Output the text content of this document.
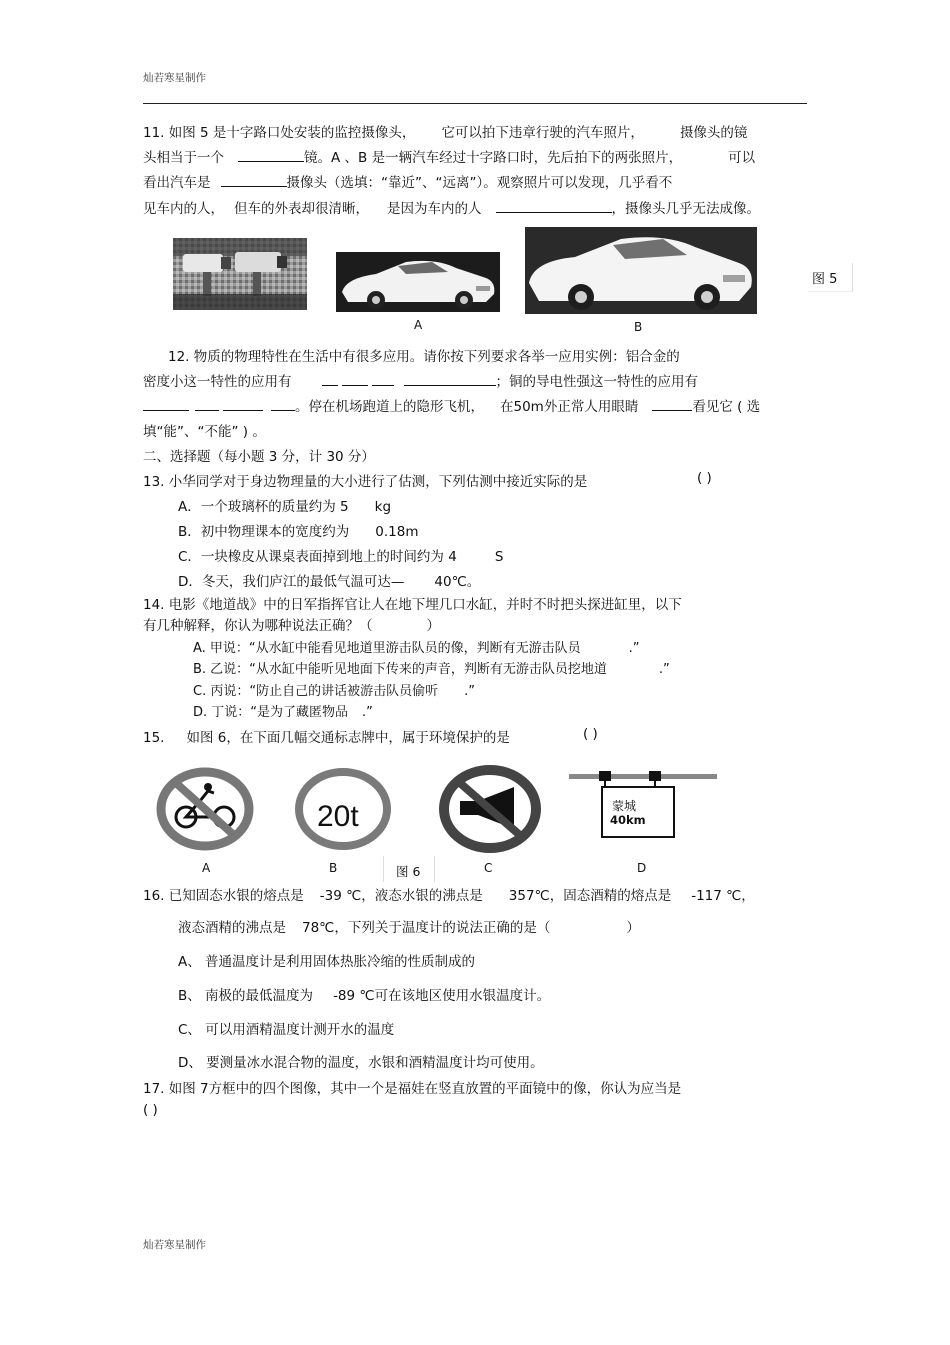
灿若寒星制作
11. 如图 5 是十字路口处安装的监控摄像头， 它可以拍下违章行驶的汽车照片，	摄像头的镜
头相当于一个	镜。A 、B 是一辆汽车经过十字路口时，先后拍下的两张照片，	可以
看出汽车是	摄像头（选填：“靠近”、“远离”）。观察照片可以发现，几乎看不
见车内的人， 但车的外表却很清晰， 是因为车内的人	，摄像头几乎无法成像。
A	B
图 5
12. 物质的物理特性在生活中有很多应用。请你按下列要求各举一应用实例：铝合金的
密度小这一特性的应用有	；铜的导电性强这一特性的应用有
。停在机场跑道上的隐形飞机， 在50m外正常人用眼睛	看见它 ( 选
填“能”、“不能” ) 。
二、选择题（每小题 3 分，计 30 分）
13. 小华同学对于身边物理量的大小进行了估测，下列估测中接近实际的是	( )
A．一个玻璃杯的质量约为 5 kg
B．初中物理课本的宽度约为 0.18m
C．一块橡皮从课桌表面掉到地上的时间约为 4	S
D．冬天，我们庐江的最低气温可达— 40℃。
14. 电影《地道战》中的日军指挥官让人在地下埋几口水缸，并时不时把头探进缸里，以下
有几种解释，你认为哪种说法正确？（	）
A. 甲说：“从水缸中能看见地道里游击队员的像，判断有无游击队员	.”
B. 乙说：“从水缸中能听见地面下传来的声音，判断有无游击队员挖地道	.”
C. 丙说：“防止自己的讲话被游击队员偷听 .”
D. 丁说：“是为了藏匿物品 .”
15. 如图 6，在下面几幅交通标志牌中，属于环境保护的是	( )
A
20t
B	图 6	C
蒙城
40km
D
16. 已知固态水银的熔点是 -39 ℃，液态水银的沸点是 357℃，固态酒精的熔点是 -117 ℃，
液态酒精的沸点是 78℃，下列关于温度计的说法正确的是（	）
A、 普通温度计是利用固体热胀冷缩的性质制成的
B、 南极的最低温度为 -89 ℃可在该地区使用水银温度计。
C、 可以用酒精温度计测开水的温度
D、 要测量冰水混合物的温度，水银和酒精温度计均可使用。
17. 如图 7方框中的四个图像，其中一个是福娃在竖直放置的平面镜中的像，你认为应当是
( )
灿若寒星制作
